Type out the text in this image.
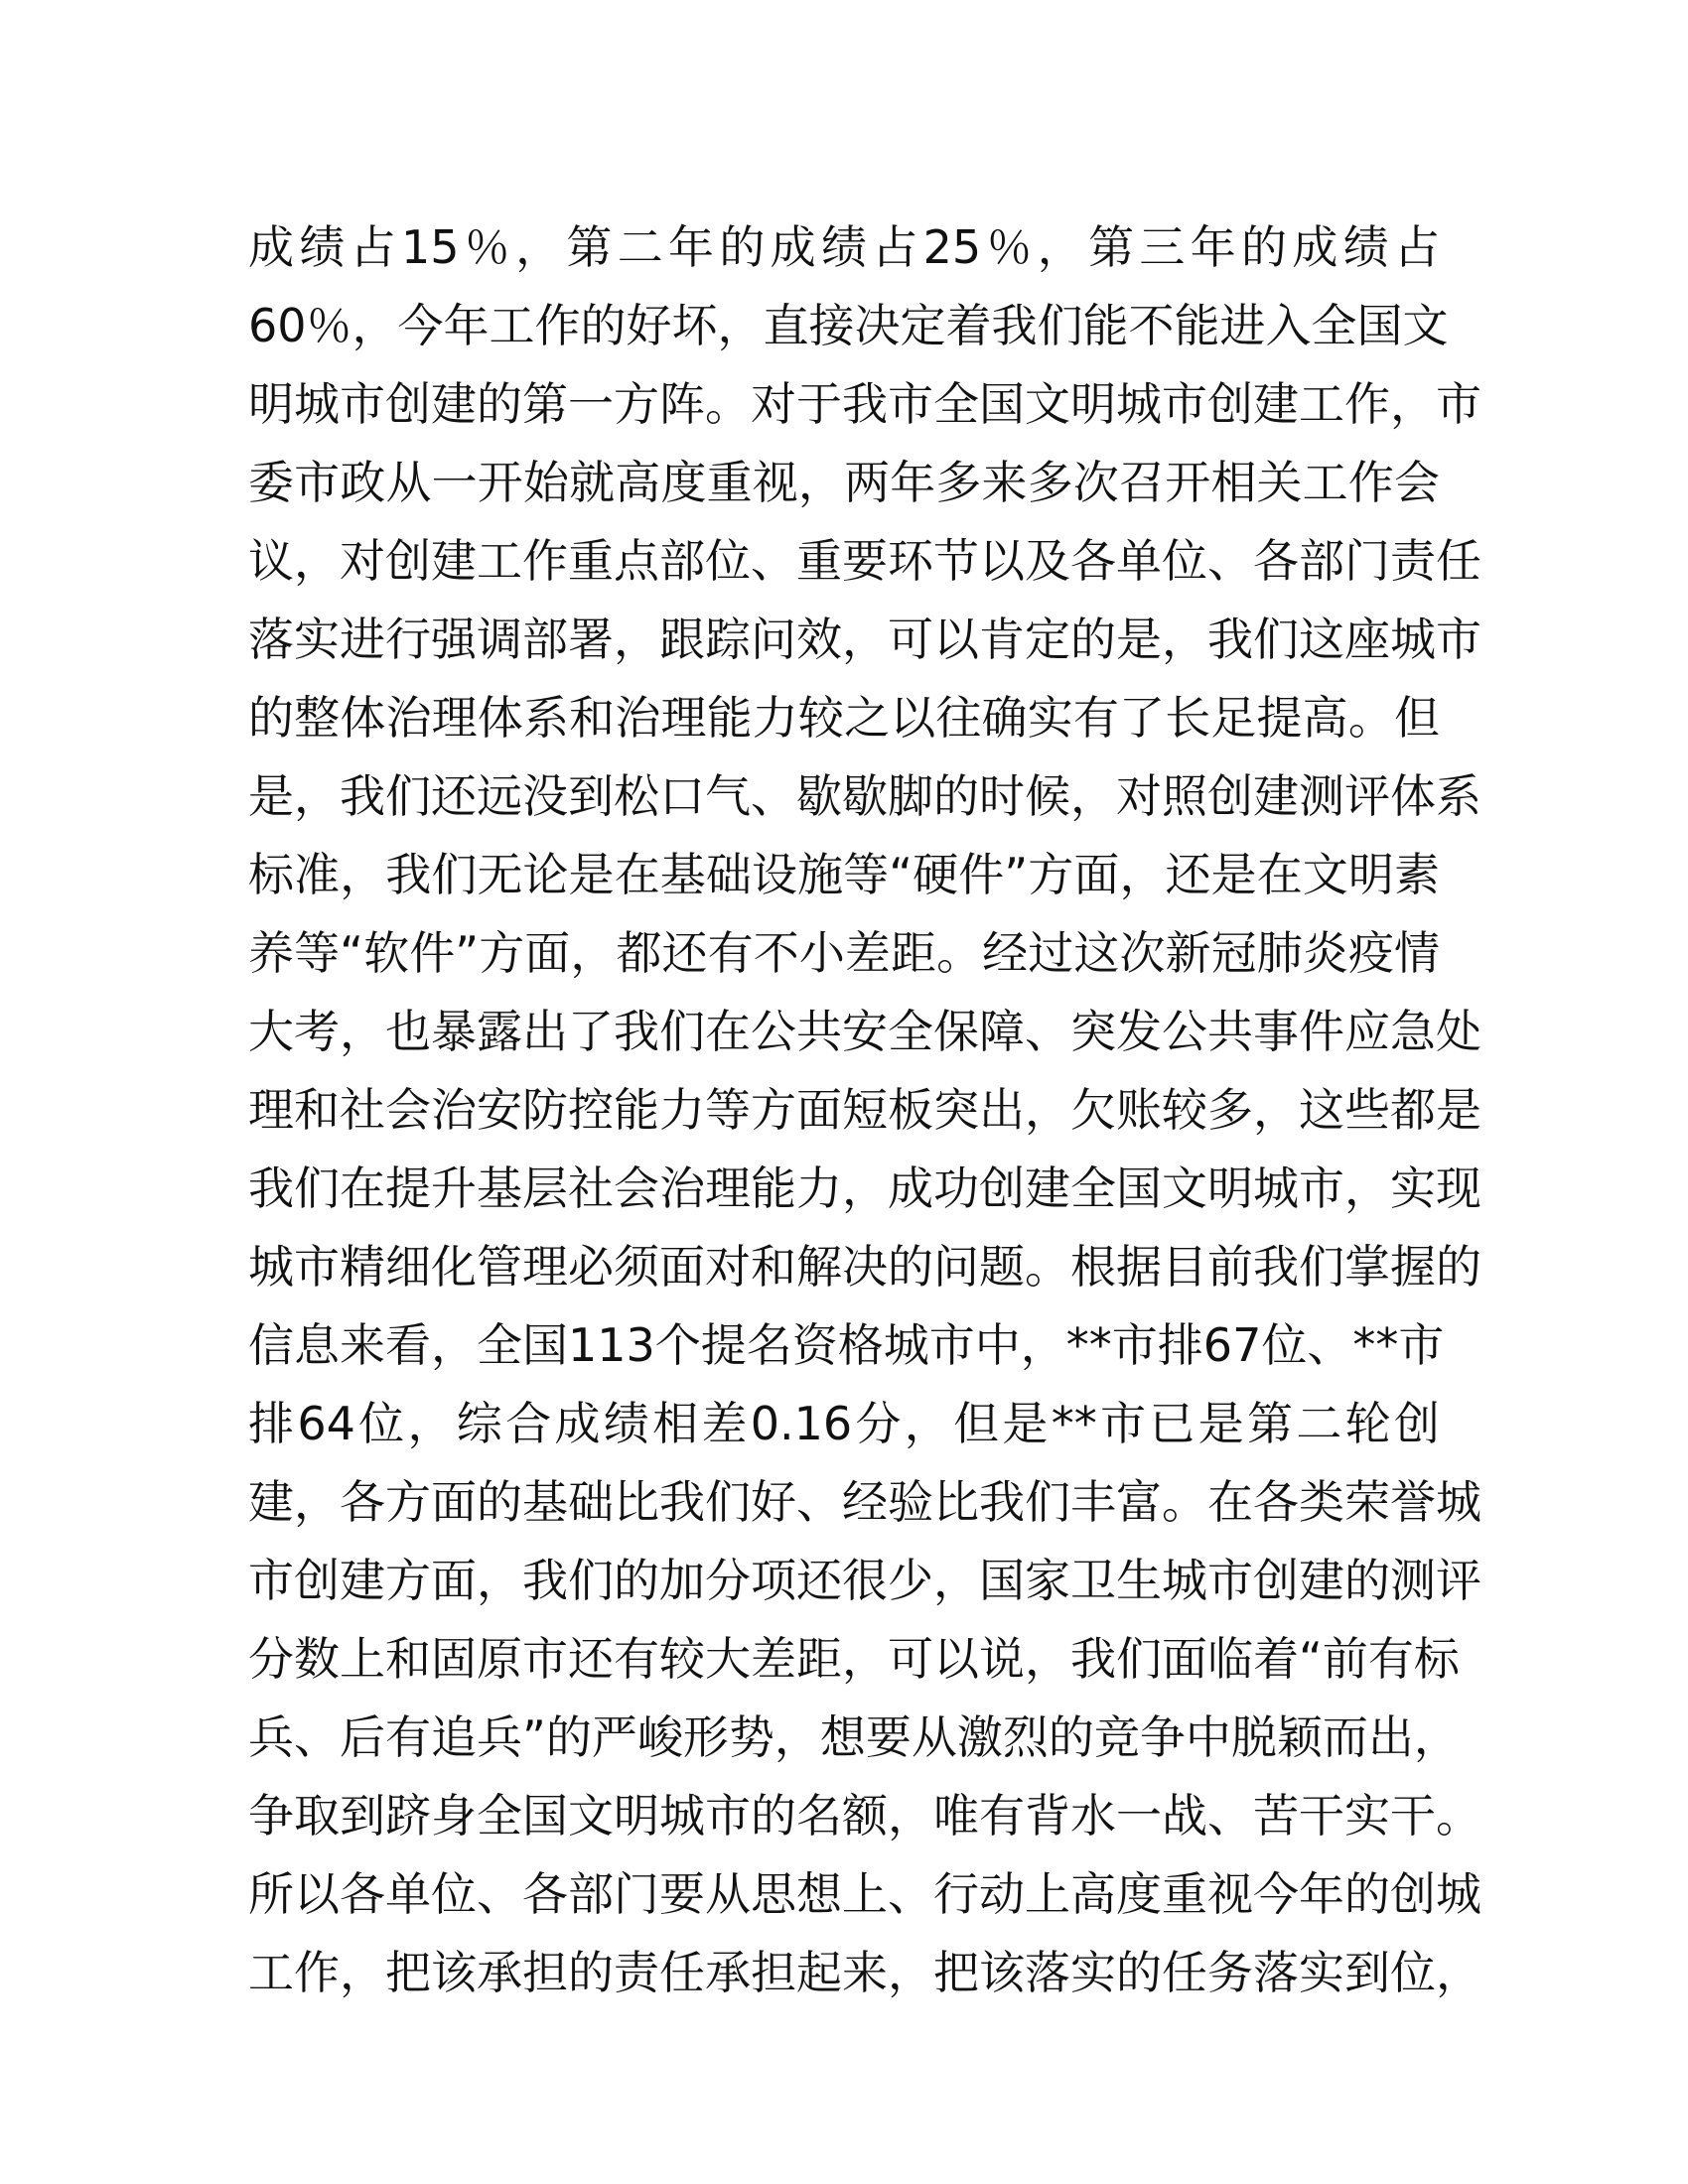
成绩占15％，第二年的成绩占25％，第三年的成绩占
60％，今年工作的好坏，直接决定着我们能不能进入全国文
明城市创建的第一方阵。对于我市全国文明城市创建工作，市
委市政从一开始就高度重视，两年多来多次召开相关工作会
议，对创建工作重点部位、重要环节以及各单位、各部门责任
落实进行强调部署，跟踪问效，可以肯定的是，我们这座城市
的整体治理体系和治理能力较之以往确实有了长足提高。但
是，我们还远没到松口气、歇歇脚的时候，对照创建测评体系
标准，我们无论是在基础设施等“硬件”方面，还是在文明素
养等“软件”方面，都还有不小差距。经过这次新冠肺炎疫情
大考，也暴露出了我们在公共安全保障、突发公共事件应急处
理和社会治安防控能力等方面短板突出，欠账较多，这些都是
我们在提升基层社会治理能力，成功创建全国文明城市，实现
城市精细化管理必须面对和解决的问题。根据目前我们掌握的
信息来看，全国113个提名资格城市中，**市排67位、**市
排64位，综合成绩相差0.16分，但是**市已是第二轮创
建，各方面的基础比我们好、经验比我们丰富。在各类荣誉城
市创建方面，我们的加分项还很少，国家卫生城市创建的测评
分数上和固原市还有较大差距，可以说，我们面临着“前有标
兵、后有追兵”的严峻形势，想要从激烈的竞争中脱颖而出，
争取到跻身全国文明城市的名额，唯有背水一战、苦干实干。
所以各单位、各部门要从思想上、行动上高度重视今年的创城
工作，把该承担的责任承担起来，把该落实的任务落实到位，
